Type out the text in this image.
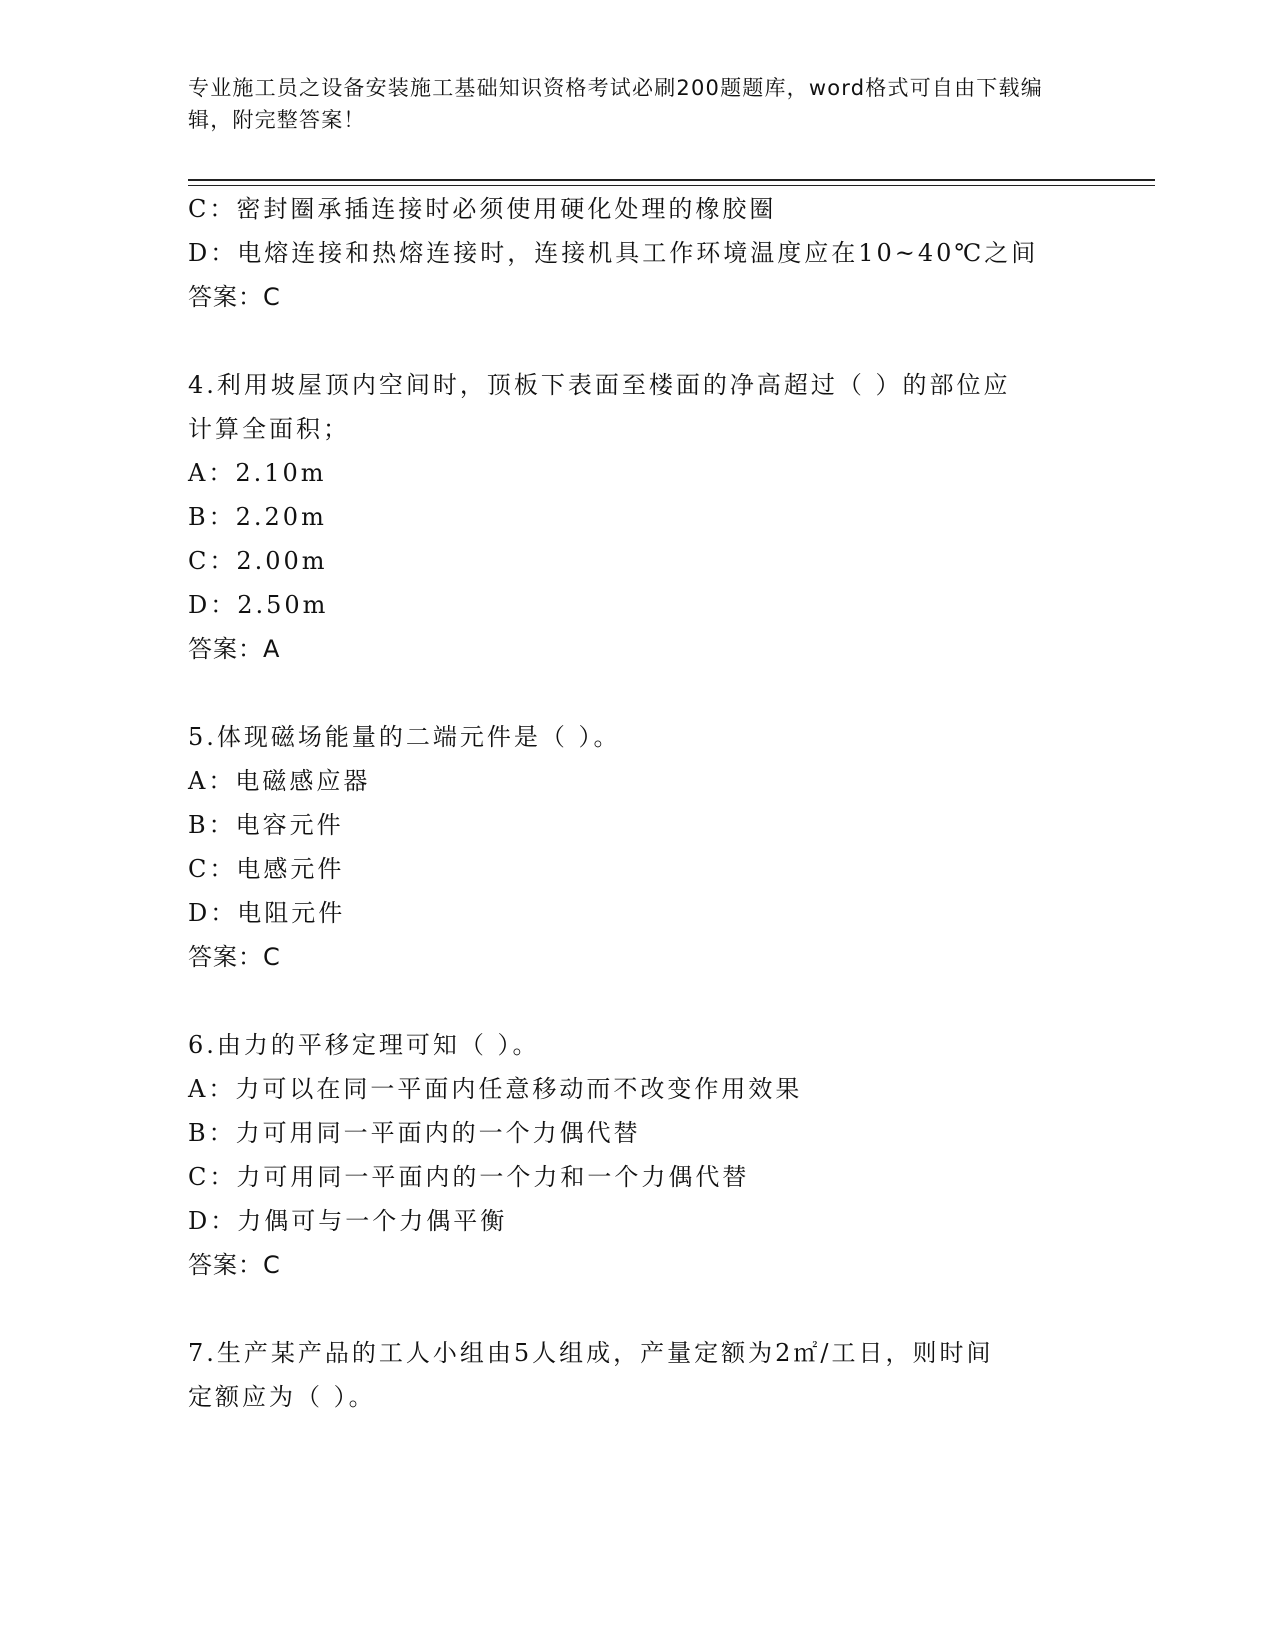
专业施工员之设备安装施工基础知识资格考试必刷200题题库，word格式可自由下载编辑，附完整答案！
C：密封圈承插连接时必须使用硬化处理的橡胶圈
D：电熔连接和热熔连接时，连接机具工作环境温度应在10~40℃之间
答案：C
4.利用坡屋顶内空间时，顶板下表面至楼面的净高超过（ ）的部位应
计算全面积；
A：2.10m
B：2.20m
C：2.00m
D：2.50m
答案：A
5.体现磁场能量的二端元件是（ ）。
A：电磁感应器
B：电容元件
C：电感元件
D：电阻元件
答案：C
6.由力的平移定理可知（ ）。
A：力可以在同一平面内任意移动而不改变作用效果
B：力可用同一平面内的一个力偶代替
C：力可用同一平面内的一个力和一个力偶代替
D：力偶可与一个力偶平衡
答案：C
7.生产某产品的工人小组由5人组成，产量定额为2㎡/工日，则时间
定额应为（ ）。
